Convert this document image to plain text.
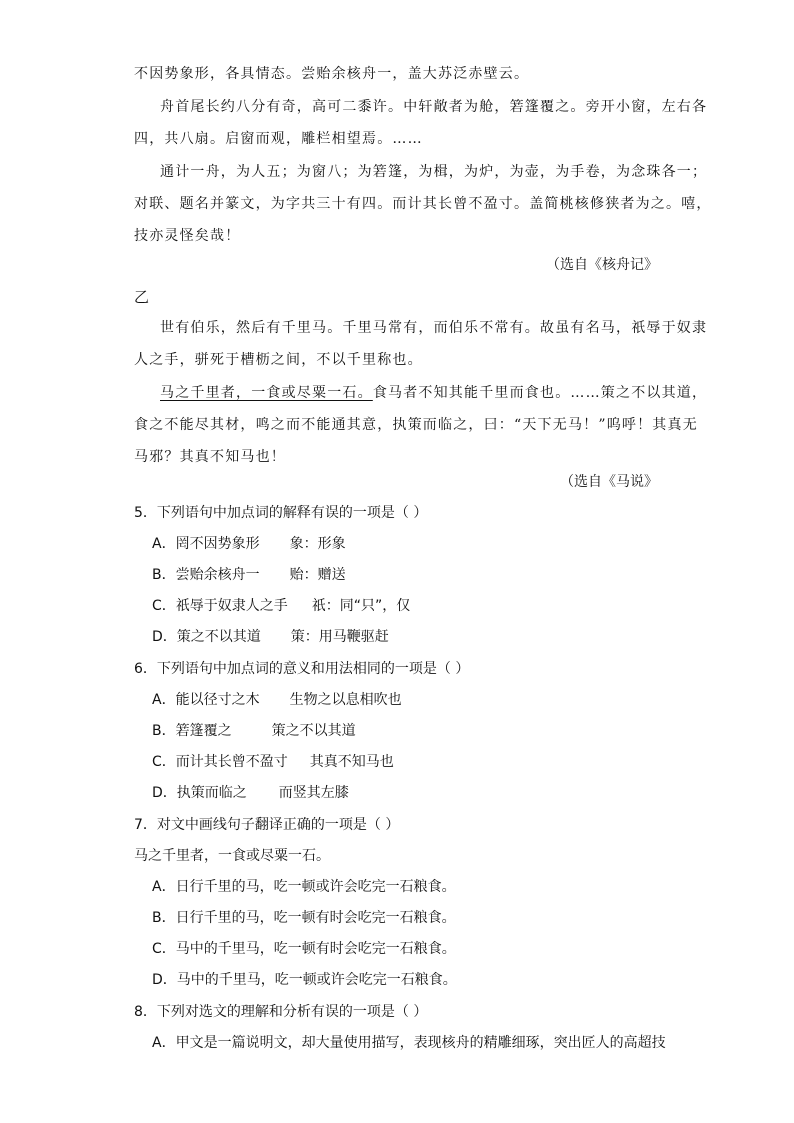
不因势象形，各具情态。尝贻余核舟一，盖大苏泛赤壁云。
舟首尾长约八分有奇，高可二黍许。中轩敞者为舱，箬篷覆之。旁开小窗，左右各
四，共八扇。启窗而观，雕栏相望焉。……
通计一舟，为人五；为窗八；为箬篷，为楫，为炉，为壶，为手卷，为念珠各一；
对联、题名并篆文，为字共三十有四。而计其长曾不盈寸。盖简桃核修狭者为之。嘻，
技亦灵怪矣哉！
（选自《核舟记》
乙
世有伯乐，然后有千里马。千里马常有，而伯乐不常有。故虽有名马，祇辱于奴隶
人之手，骈死于槽枥之间，不以千里称也。
马之千里者，一食或尽粟一石。食马者不知其能千里而食也。……策之不以其道，
食之不能尽其材，鸣之而不能通其意，执策而临之，曰：“天下无马！”呜呼！其真无
马邪？其真不知马也！
（选自《马说》
5．下列语句中加点词的解释有误的一项是（ ）
A．罔不因势象形 象：形象
B．尝贻余核舟一 贻：赠送
C．祇辱于奴隶人之手 祇：同“只”，仅
D．策之不以其道 策：用马鞭驱赶
6．下列语句中加点词的意义和用法相同的一项是（ ）
A．能以径寸之木 生物之以息相吹也
B．箬篷覆之	策之不以其道
C．而计其长曾不盈寸 其真不知马也
D．执策而临之 而竖其左膝
7．对文中画线句子翻译正确的一项是（ ）
马之千里者，一食或尽粟一石。
A．日行千里的马，吃一顿或许会吃完一石粮食。
B．日行千里的马，吃一顿有时会吃完一石粮食。
C．马中的千里马，吃一顿有时会吃完一石粮食。
D．马中的千里马，吃一顿或许会吃完一石粮食。
8．下列对选文的理解和分析有误的一项是（ ）
A．甲文是一篇说明文，却大量使用描写，表现核舟的精雕细琢，突出匠人的高超技
